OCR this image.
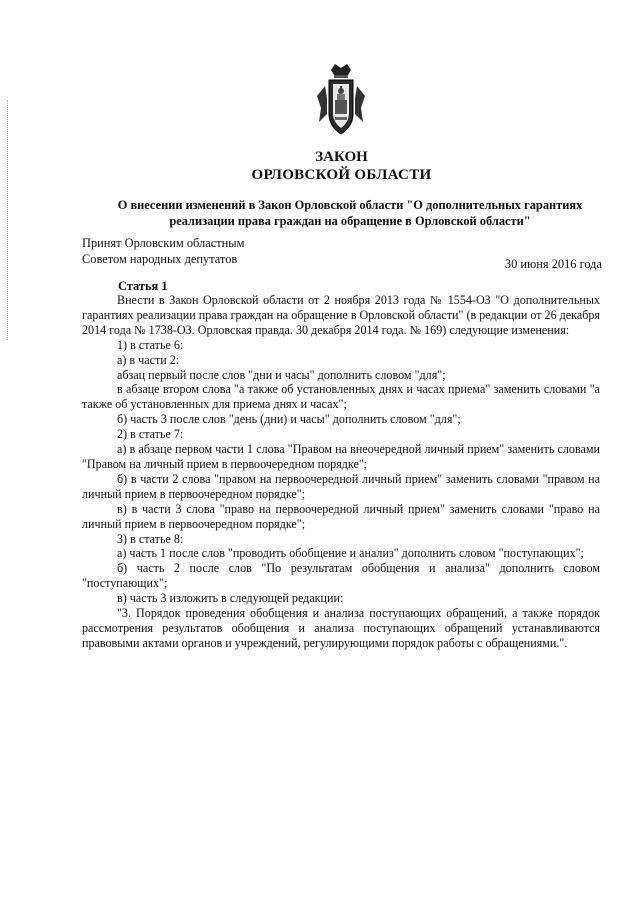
ЗАКОН
ОРЛОВСКОЙ ОБЛАСТИ
О внесении изменений в Закон Орловской области "О дополнительных гарантиях реализации права граждан на обращение в Орловской области"
Принят Орловским областным
Советом народных депутатов	30 июня 2016 года
Статья 1

Внести в Закон Орловской области от 2 ноября 2013 года № 1554-ОЗ "О дополнительных гарантиях реализации права граждан на обращение в Орловской области" (в редакции от 26 декабря 2014 года № 1738-ОЗ. Орловская правда. 30 декабря 2014 года. № 169) следующие изменения:

1) в статье 6:

а) в части 2:

абзац первый после слов "дни и часы" дополнить словом "для";

в абзаце втором слова "а также об установленных днях и часах приема" заменить словами "а также об установленных для приема днях и часах";

б) часть 3 после слов "день (дни) и часы" дополнить словом "для";

2) в статье 7:

а) в абзаце первом части 1 слова "Правом на внеочередной личный прием" заменить словами "Правом на личный прием в первоочередном порядке";

б) в части 2 слова "правом на первоочередной личный прием" заменить словами "правом на личный прием в первоочередном порядке";

в) в части 3 слова "право на первоочередной личный прием" заменить словами "право на личный прием в первоочередном порядке";

3) в статье 8:

а) часть 1 после слов "проводить обобщение и анализ" дополнить словом "поступающих";

б) часть 2 после слов "По результатам обобщения и анализа" дополнить словом "поступающих";

в) часть 3 изложить в следующей редакции:

"3. Порядок проведения обобщения и анализа поступающих обращений, а также порядок рассмотрения результатов обобщения и анализа поступающих обращений устанавливаются правовыми актами органов и учреждений, регулирующими порядок работы с обращениями.".
